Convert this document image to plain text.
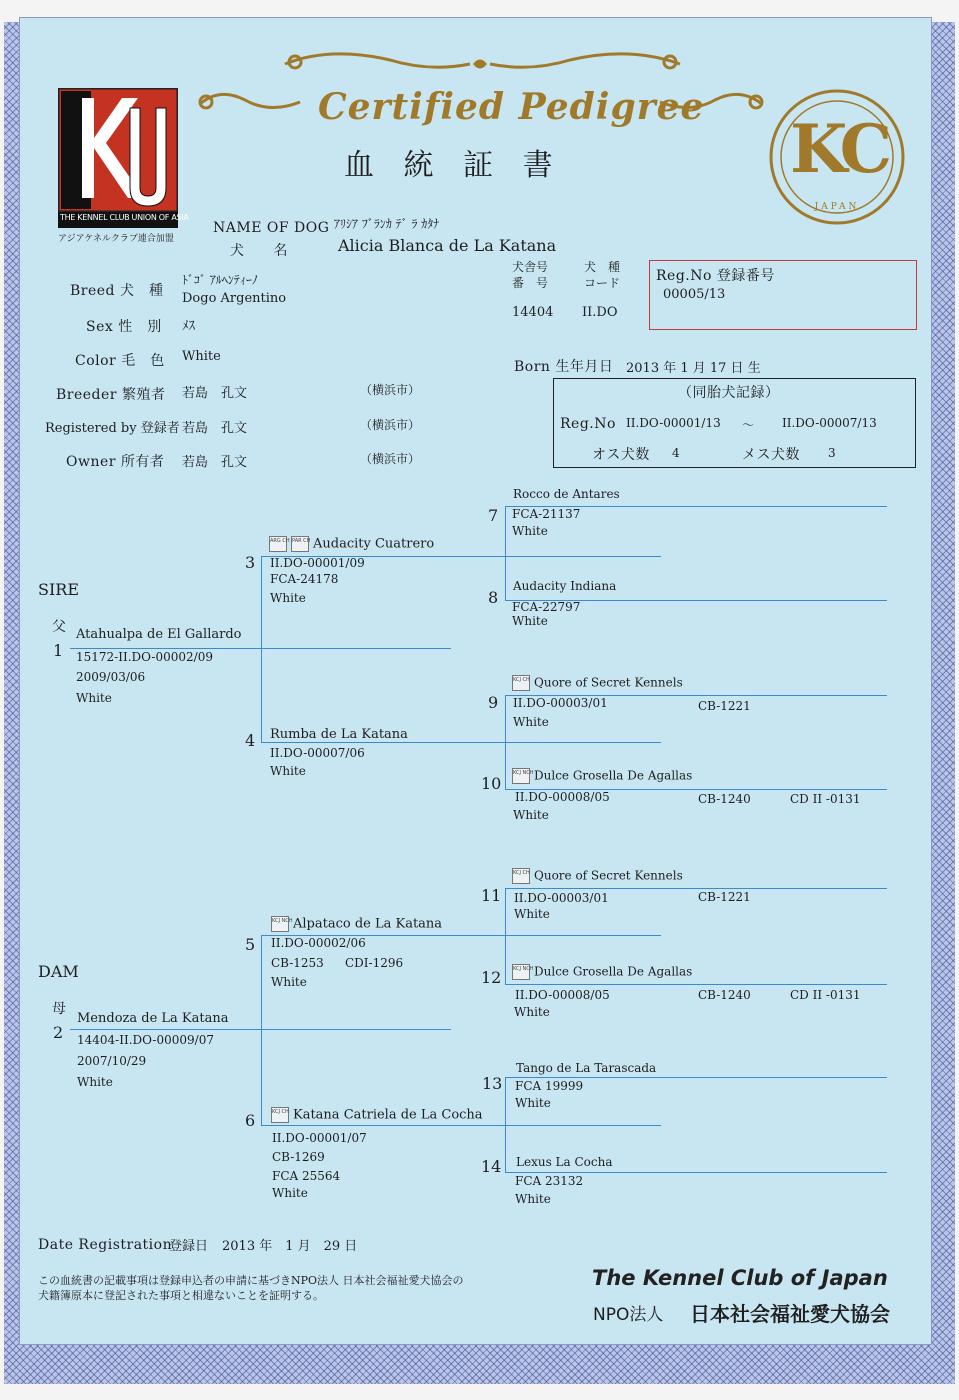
THE KENNEL CLUB UNION OF ASIA
アジアケネルクラブ連合加盟
Certified Pedigree
血 統 証 書	KC
JAPAN
NAME OF DOG
犬　　名
ｱﾘｼｱ ﾌﾞﾗﾝｶ ﾃﾞ ﾗ ｶﾀﾅ
Alicia Blanca de La Katana
Breed 犬　種
ﾄﾞｺﾞ ｱﾙﾍﾝﾃｨｰﾉ
Dogo Argentino
Sex 性　別 ﾒｽ
Color 毛　色 White
Breeder 繁殖者 若島　孔文	（横浜市）
Registered by 登録者 若島　孔文	（横浜市）
Owner 所有者 若島　孔文	（横浜市）
犬舎号
番　号
犬　種
コード
14404 II.DO
Reg.No 登録番号
00005/13
Born 生年月日 2013 年 1 月 17 日 生
（同胎犬記録）
Reg.No II.DO-00001/13 ～ II.DO-00007/13
オス犬数 4	メス犬数 3
SIRE
父
DAM
母
1
Atahualpa de El Gallardo
15172-II.DO-00002/09
2009/03/06
White
2
Mendoza de La Katana
14404-II.DO-00009/07
2007/10/29
White
3
ARG CH PAR CH Audacity Cuatrero
II.DO-00001/09
FCA-24178
White
4 Rumba de La Katana
II.DO-00007/06
White
5
KCJ NCHAlpataco de La Katana
II.DO-00002/06
CB-1253 CDI-1296
White
6	KCJ CH Katana Catriela de La Cocha
II.DO-00001/07
CB-1269
FCA 25564
White
7
Rocco de Antares
FCA-21137
White
8
Audacity Indiana
FCA-22797
White
9
KCJ CH Quore of Secret Kennels
II.DO-00003/01	CB-1221
White
10
KCJ NCHDulce Grosella De Agallas
II.DO-00008/05	CB-1240	CD II -0131
White
11
KCJ CH Quore of Secret Kennels
II.DO-00003/01	CB-1221
White
12 KCJ NCHDulce Grosella De Agallas
II.DO-00008/05	CB-1240	CD II -0131
White
13
Tango de La Tarascada
FCA 19999
White
14 Lexus La Cocha
FCA 23132
White
Date Registration
登録日 2013 年　1 月　29 日
この血統書の記載事項は登録申込者の申請に基づきNPO法人 日本社会福祉愛犬協会の
犬籍簿原本に登記された事項と相違ないことを証明する。
The Kennel Club of Japan
NPO法人 日本社会福祉愛犬協会
